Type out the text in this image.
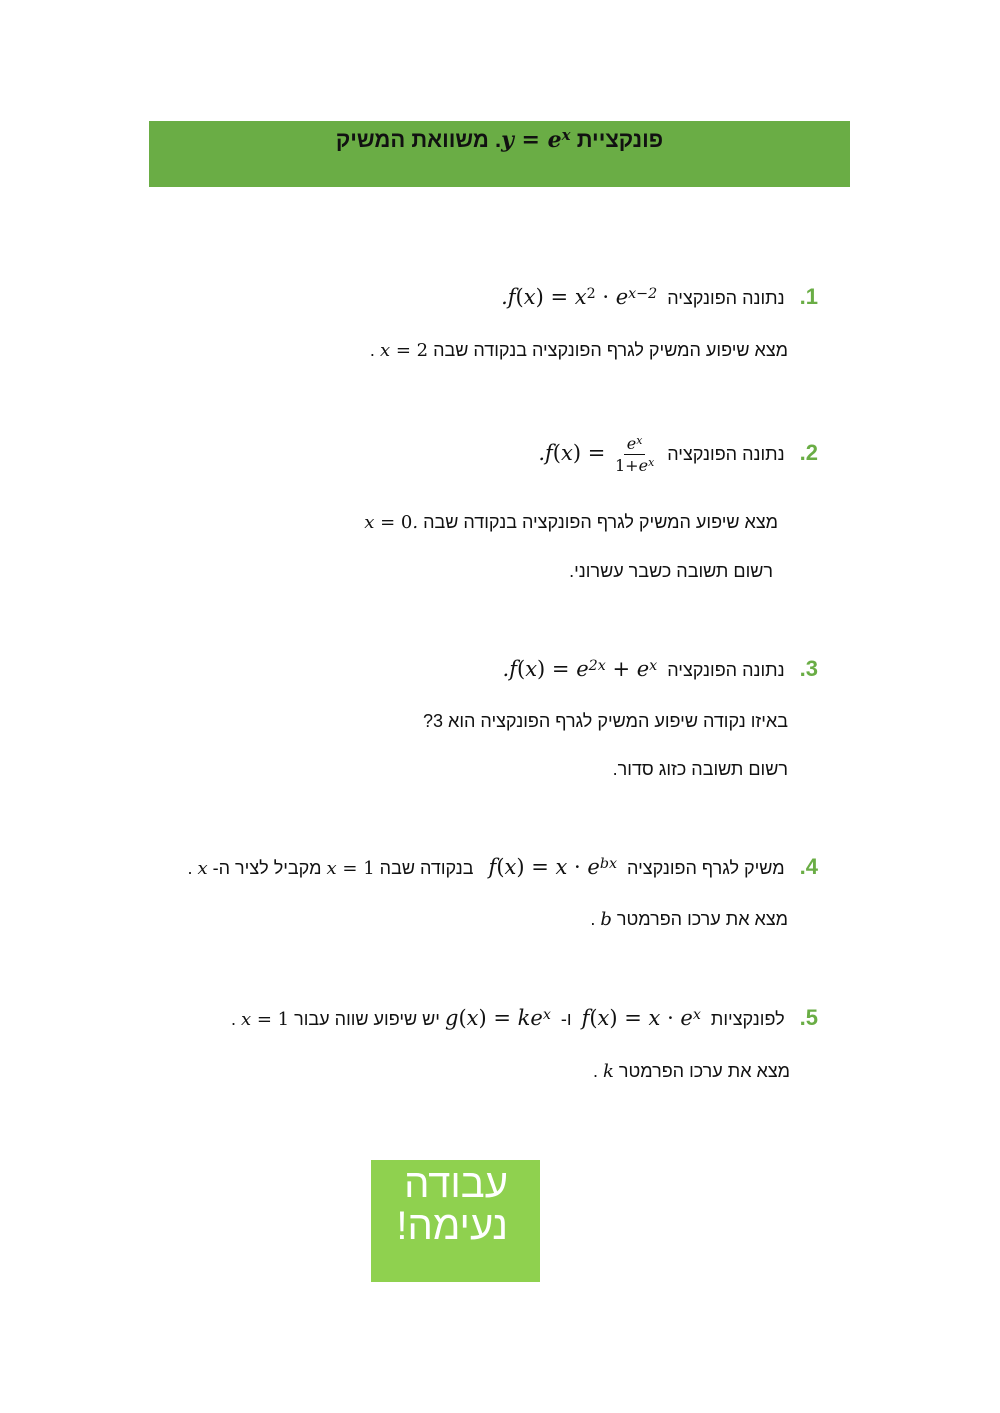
פונקציית $y = e^x$. משוואת המשיק
1. נתונה הפונקציה  $.f(x) = x^2 \cdot e^{x-2}$
מצא שיפוע המשיק לגרף הפונקציה בנקודה שבה x = 2 .
2. נתונה הפונקציה  $.f(x) = \frac{e^x}{1+e^x}$
מצא שיפוע המשיק לגרף הפונקציה בנקודה שבה x = 0.
רשום תשובה כשבר עשרוני.
3. נתונה הפונקציה  $.f(x) = e^{2x} + e^x$
באיזו נקודה שיפוע המשיק לגרף הפונקציה הוא 3?
רשום תשובה כזוג סדור.
4. משיק לגרף הפונקציה  $f(x) = x \cdot e^{bx}$   בנקודה שבה x = 1 מקביל לציר ה- x .
מצא את ערכו הפרמטר b .
5. לפונקציות  $f(x) = x \cdot e^x$  ו-  $g(x) = ke^x$ יש שיפוע שווה עבור x = 1 .
מצא את ערכו הפרמטר k .
עבודה
נעימה!
